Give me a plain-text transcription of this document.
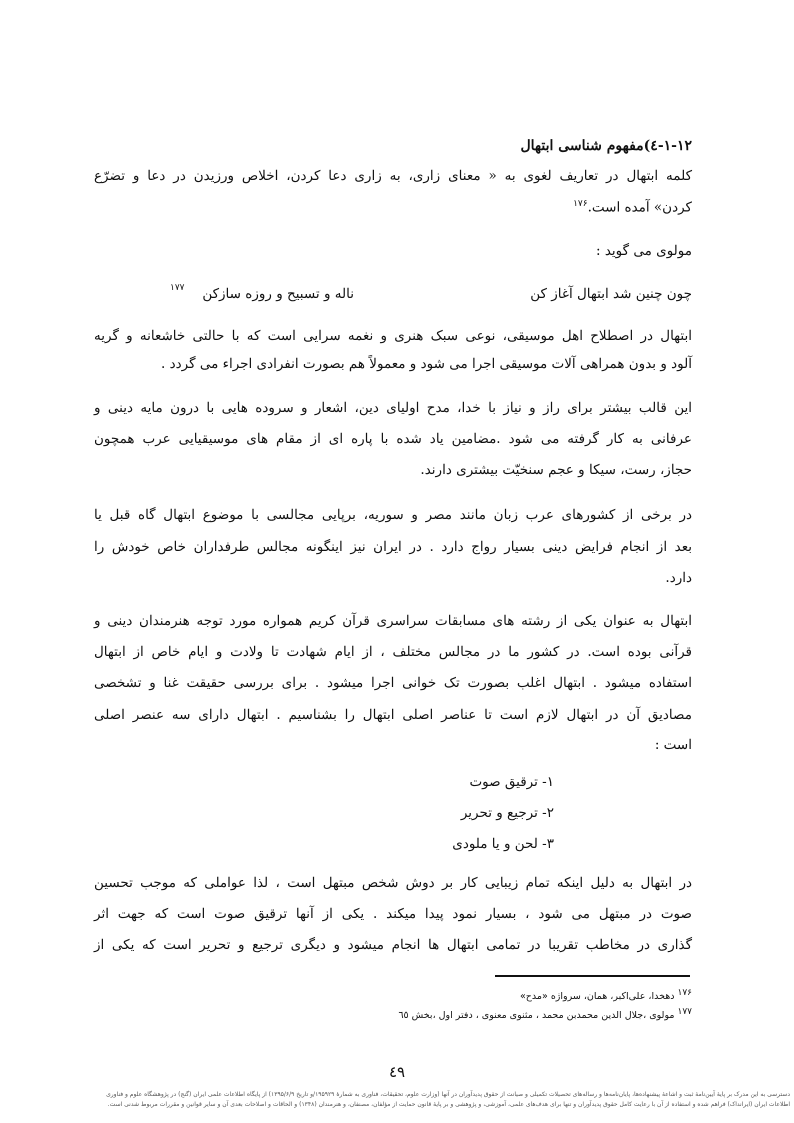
۱-۱۲-٤)مفهوم شناسی ابتهال
کلمه ابتهال در تعاریف لغوی به « معنای زاری، به زاری دعا کردن، اخلاص ورزیدن در دعا و تضرّع
کردن» آمده است.$^{۱۷۶}$
مولوی می گوید :
چون چنین شد ابتهال آغاز کن
ناله و تسبیح و روزه سازکن
۱۷۷
ابتهال در اصطلاح اهل موسیقی، نوعی سبک هنری و نغمه سرایی است که با حالتی خاشعانه و گریه
آلود و بدون همراهی آلات موسیقی اجرا می شود و معمولاً هم بصورت انفرادی اجراء می گردد .
این قالب بیشتر برای راز و نیاز با خدا، مدح اولیای دین، اشعار و سروده هایی با درون مایه دینی و
عرفانی به کار گرفته می شود .مضامین یاد شده با پاره ای از مقام های موسیقیایی عرب همچون
حجاز، رست، سیکا و عجم سنخیّت بیشتری دارند.
در برخی از کشورهای عرب زبان مانند مصر و سوریه، برپایی مجالسی با موضوع ابتهال گاه قبل یا
بعد از انجام فرایض دینی بسیار رواج دارد . در ایران نیز اینگونه مجالس طرفداران خاص خودش را
دارد.
ابتهال به عنوان یکی از رشته های مسابقات سراسری قرآن کریم همواره مورد توجه هنرمندان دینی و
قرآنی بوده است. در کشور ما در مجالس مختلف ، از ایام شهادت تا ولادت و ایام خاص از ابتهال
استفاده میشود . ابتهال اغلب بصورت تک خوانی اجرا میشود . برای بررسی حقیقت غنا و تشخصی
مصادیق آن در ابتهال لازم است تا عناصر اصلی ابتهال را بشناسیم . ابتهال دارای سه عنصر اصلی
است :
۱- ترقیق صوت
۲- ترجیع و تحریر
۳- لحن و یا ملودی
در ابتهال به دلیل اینکه تمام زیبایی کار بر دوش شخص مبتهل است ، لذا عواملی که موجب تحسین
صوت در مبتهل می شود ، بسیار نمود پیدا میکند . یکی از آنها ترقیق صوت است که جهت اثر
گذاری در مخاطب تقریبا در تمامی ابتهال ها انجام میشود و دیگری ترجیع و تحریر است که یکی از
۱۷۶ دهخدا، علی‌اکبر، همان، سرواژه «مدح»
۱۷۷ مولوی ،جلال الدین محمدبن محمد ، مثنوی معنوی ، دفتر اول ،بخش ٦٥
٤٩
دسترسی به این مدرک بر پایهٔ آیین‌نامهٔ ثبت و اشاعهٔ پیشنهاده‌ها، پایان‌نامه‌ها و رساله‌های تحصیلات تکمیلی و صیانت از حقوق پدیدآوران در آنها (وزارت علوم، تحقیقات، فناوری به شمارهٔ ۱۹۵۹۲۹/و تاریخ ۱۳۹۵/۶/۹) از پایگاه اطلاعات علمی ایران (گنج) در پژوهشگاه علوم و فناوری
اطلاعات ایران (ایرانداک) فراهم شده و استفاده از آن با رعایت کامل حقوق پدیدآوران و تنها برای هدف‌های علمی، آموزشی، و پژوهشی و بر پایهٔ قانون حمایت از مؤلفان، مصنفان، و هنرمندان (۱۳۴۸) و الحاقات و اصلاحات بعدی آن و سایر قوانین و مقررات مربوط شدنی است.
